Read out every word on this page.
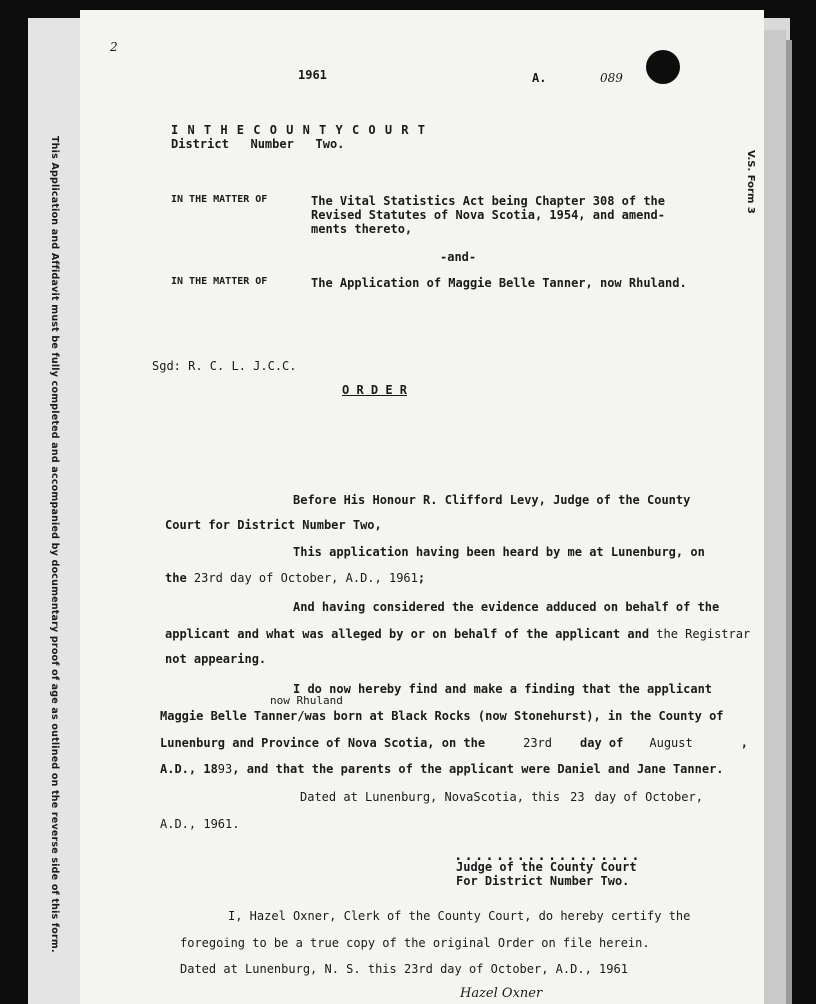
This Application and Affidavit must be fully completed and accompanied by documentary proof of age as outlined on the reverse side of this form.	V.S. Form 3
2
1961	A.	089
I N T H E C O U N T Y C O U R T
District   Number   Two.
IN THE MATTER OF	The Vital Statistics Act being Chapter 308 of the
Revised Statutes of Nova Scotia, 1954, and amend-
ments thereto,
-and-
IN THE MATTER OF	The Application of Maggie Belle Tanner, now Rhuland.
Sgd: R. C. L. J.C.C.
O R D E R
Before His Honour R. Clifford Levy, Judge of the County
Court for District Number Two,
This application having been heard by me at Lunenburg, on
the 23rd day of October, A.D., 1961;
And having considered the evidence adduced on behalf of the
applicant and what was alleged by or on behalf of the applicant and the Registrar
not appearing.
I do now hereby find and make a finding that the applicant
now Rhuland
Maggie Belle Tanner/was born at Black Rocks (now Stonehurst), in the County of
Lunenburg and Province of Nova Scotia, on the	23rd day of August	,
A.D., 1893, and that the parents of the applicant were Daniel and Jane Tanner.
Dated at Lunenburg, NovaScotia, this 23 day of October,
A.D., 1961.
..................
Judge of the County Court
For District Number Two.
I, Hazel Oxner, Clerk of the County Court, do hereby certify the
foregoing to be a true copy of the original Order on file herein.
Dated at Lunenburg, N. S. this 23rd day of October, A.D., 1961
Hazel Oxner
